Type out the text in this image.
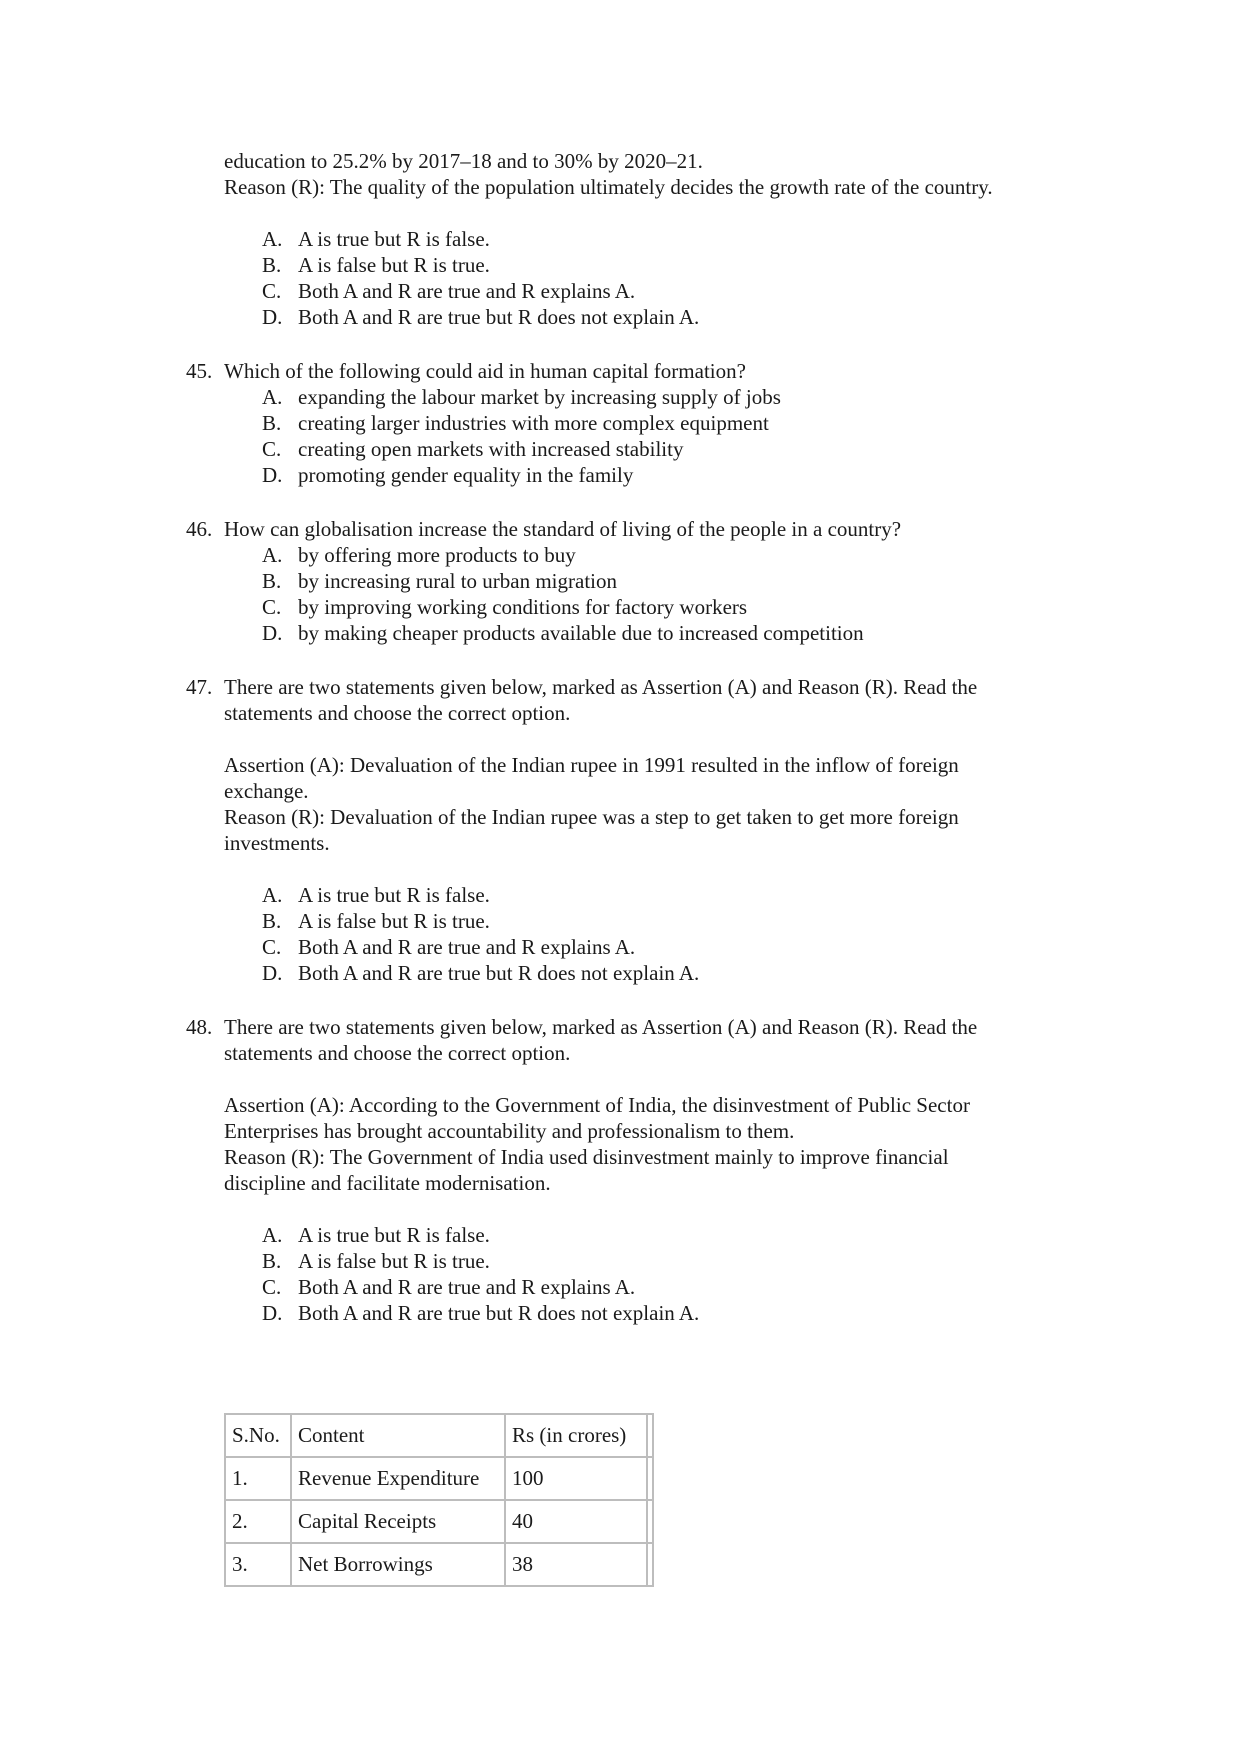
education to 25.2% by 2017–18 and to 30% by 2020–21.
Reason (R): The quality of the population ultimately decides the growth rate of the country.
A. A is true but R is false.
B. A is false but R is true.
C. Both A and R are true and R explains A.
D. Both A and R are true but R does not explain A.
45. Which of the following could aid in human capital formation?
A. expanding the labour market by increasing supply of jobs
B. creating larger industries with more complex equipment
C. creating open markets with increased stability
D. promoting gender equality in the family
46. How can globalisation increase the standard of living of the people in a country?
A. by offering more products to buy
B. by increasing rural to urban migration
C. by improving working conditions for factory workers
D. by making cheaper products available due to increased competition
47. There are two statements given below, marked as Assertion (A) and Reason (R). Read the
statements and choose the correct option.
Assertion (A): Devaluation of the Indian rupee in 1991 resulted in the inflow of foreign
exchange.
Reason (R): Devaluation of the Indian rupee was a step to get taken to get more foreign
investments.
A. A is true but R is false.
B. A is false but R is true.
C. Both A and R are true and R explains A.
D. Both A and R are true but R does not explain A.
48. There are two statements given below, marked as Assertion (A) and Reason (R). Read the
statements and choose the correct option.
Assertion (A): According to the Government of India, the disinvestment of Public Sector
Enterprises has brought accountability and professionalism to them.
Reason (R): The Government of India used disinvestment mainly to improve financial
discipline and facilitate modernisation.
A. A is true but R is false.
B. A is false but R is true.
C. Both A and R are true and R explains A.
D. Both A and R are true but R does not explain A.
S.No.	Content	Rs (in crores)	
1.	Revenue Expenditure	100	
2.	Capital Receipts	40	
3.	Net Borrowings	38	
